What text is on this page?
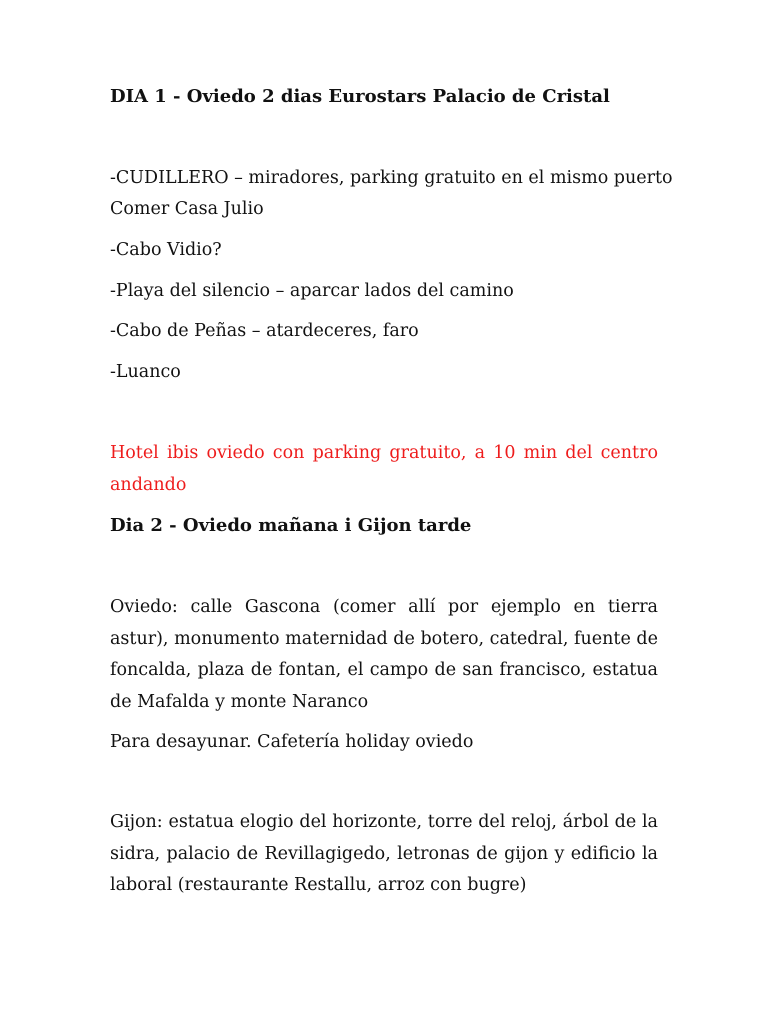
DIA 1 - Oviedo 2 dias Eurostars Palacio de Cristal
-CUDILLERO – miradores, parking gratuito en el mismo puerto
Comer Casa Julio
-Cabo Vidio?
-Playa del silencio – aparcar lados del camino
-Cabo de Peñas – atardeceres, faro
-Luanco
Hotel ibis oviedo con parking gratuito, a 10 min del centro andando
Dia 2 - Oviedo mañana i Gijon tarde
Oviedo: calle Gascona (comer allí por ejemplo en tierra astur), monumento maternidad de botero, catedral, fuente de foncalda, plaza de fontan, el campo de san francisco, estatua de Mafalda y monte Naranco
Para desayunar. Cafetería holiday oviedo
Gijon: estatua elogio del horizonte, torre del reloj, árbol de la sidra, palacio de Revillagigedo, letronas de gijon y edificio la laboral (restaurante Restallu, arroz con bugre)
